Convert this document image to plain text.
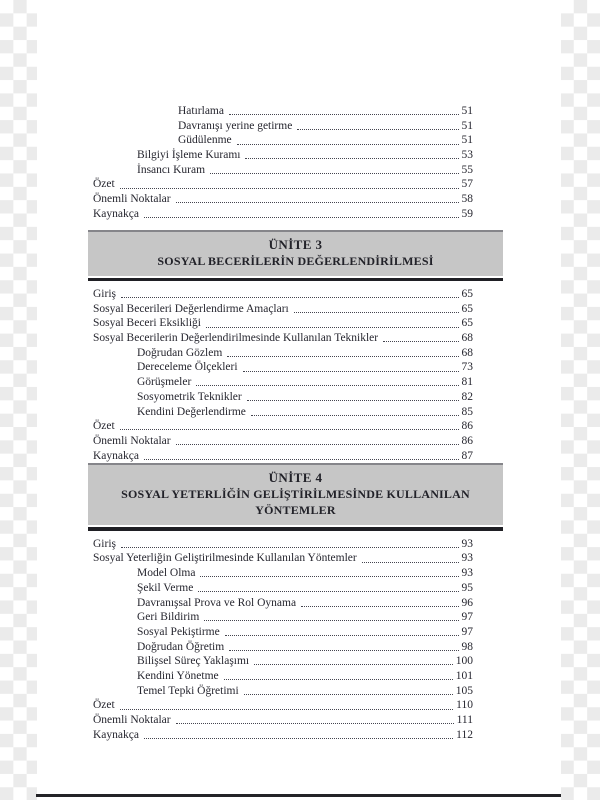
Hatırlama	51
Davranışı yerine getirme	51
Güdülenme	51
Bilgiyi İşleme Kuramı	53
İnsancı Kuram	55
Özet	57
Önemli Noktalar	58
Kaynakça	59
ÜNİTE 3
SOSYAL BECERİLERİN DEĞERLENDİRİLMESİ
Giriş	65
Sosyal Becerileri Değerlendirme Amaçları	65
Sosyal Beceri Eksikliği	65
Sosyal Becerilerin Değerlendirilmesinde Kullanılan Teknikler	68
Doğrudan Gözlem	68
Dereceleme Ölçekleri	73
Görüşmeler	81
Sosyometrik Teknikler	82
Kendini Değerlendirme	85
Özet	86
Önemli Noktalar	86
Kaynakça	87
ÜNİTE 4
SOSYAL YETERLİĞİN GELİŞTİRİLMESİNDE KULLANILAN YÖNTEMLER
Giriş	93
Sosyal Yeterliğin Geliştirilmesinde Kullanılan Yöntemler	93
Model Olma	93
Şekil Verme	95
Davranışsal Prova ve Rol Oynama	96
Geri Bildirim	97
Sosyal Pekiştirme	97
Doğrudan Öğretim	98
Bilişsel Süreç Yaklaşımı	100
Kendini Yönetme	101
Temel Tepki Öğretimi	105
Özet	110
Önemli Noktalar	111
Kaynakça	112
